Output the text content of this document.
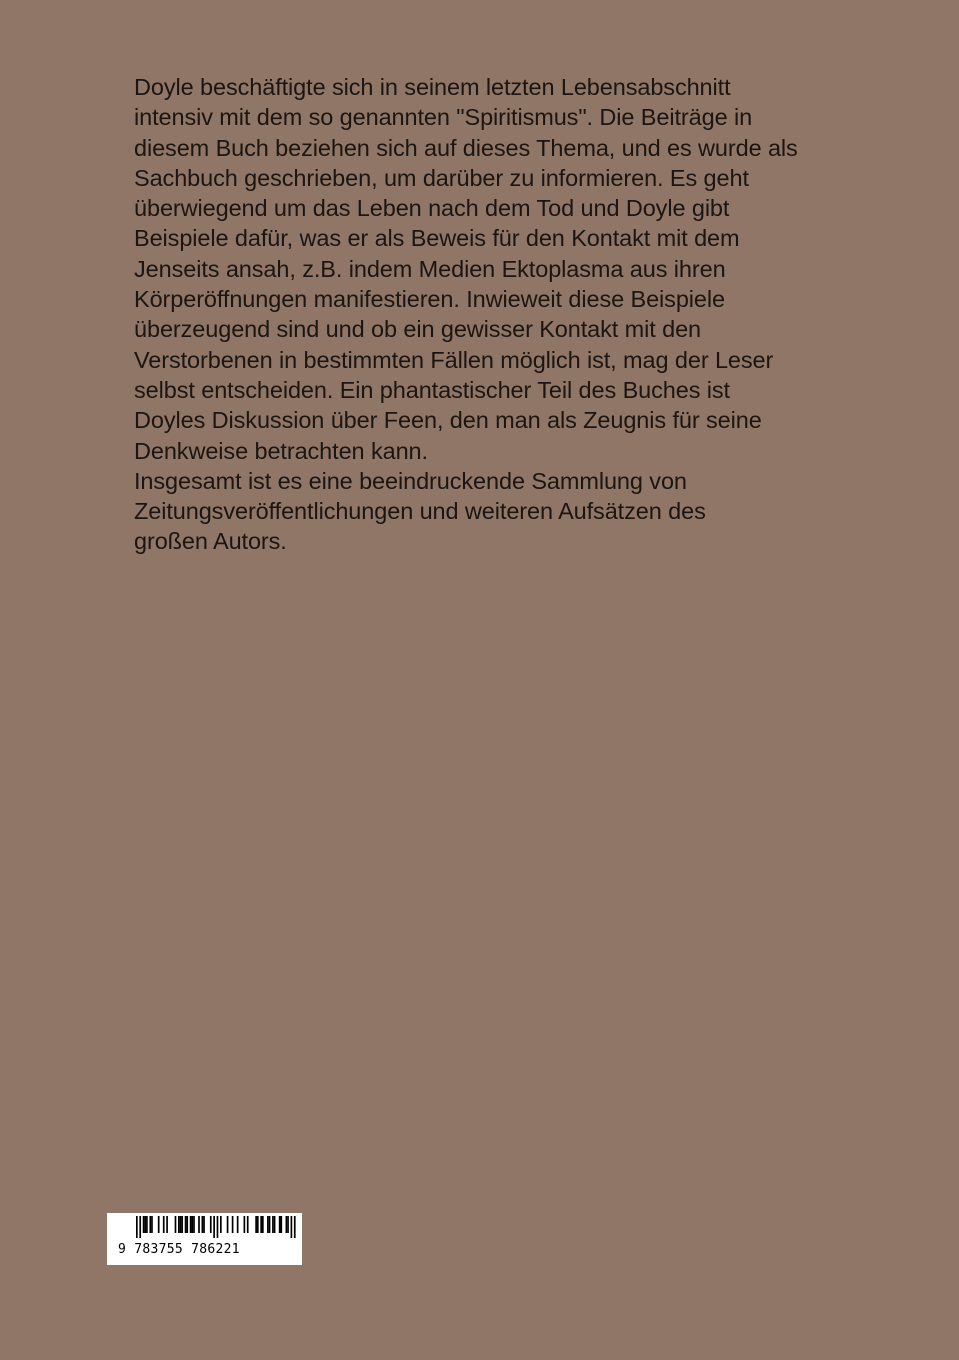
Doyle beschäftigte sich in seinem letzten Lebensabschnitt
intensiv mit dem so genannten "Spiritismus". Die Beiträge in
diesem Buch beziehen sich auf dieses Thema, und es wurde als
Sachbuch geschrieben, um darüber zu informieren. Es geht
überwiegend um das Leben nach dem Tod und Doyle gibt
Beispiele dafür, was er als Beweis für den Kontakt mit dem
Jenseits ansah, z.B. indem Medien Ektoplasma aus ihren
Körperöffnungen manifestieren. Inwieweit diese Beispiele
überzeugend sind und ob ein gewisser Kontakt mit den
Verstorbenen in bestimmten Fällen möglich ist, mag der Leser
selbst entscheiden. Ein phantastischer Teil des Buches ist
Doyles Diskussion über Feen, den man als Zeugnis für seine
Denkweise betrachten kann.
Insgesamt ist es eine beeindruckende Sammlung von
Zeitungsveröffentlichungen und weiteren Aufsätzen des
großen Autors.
9 783755 786221
